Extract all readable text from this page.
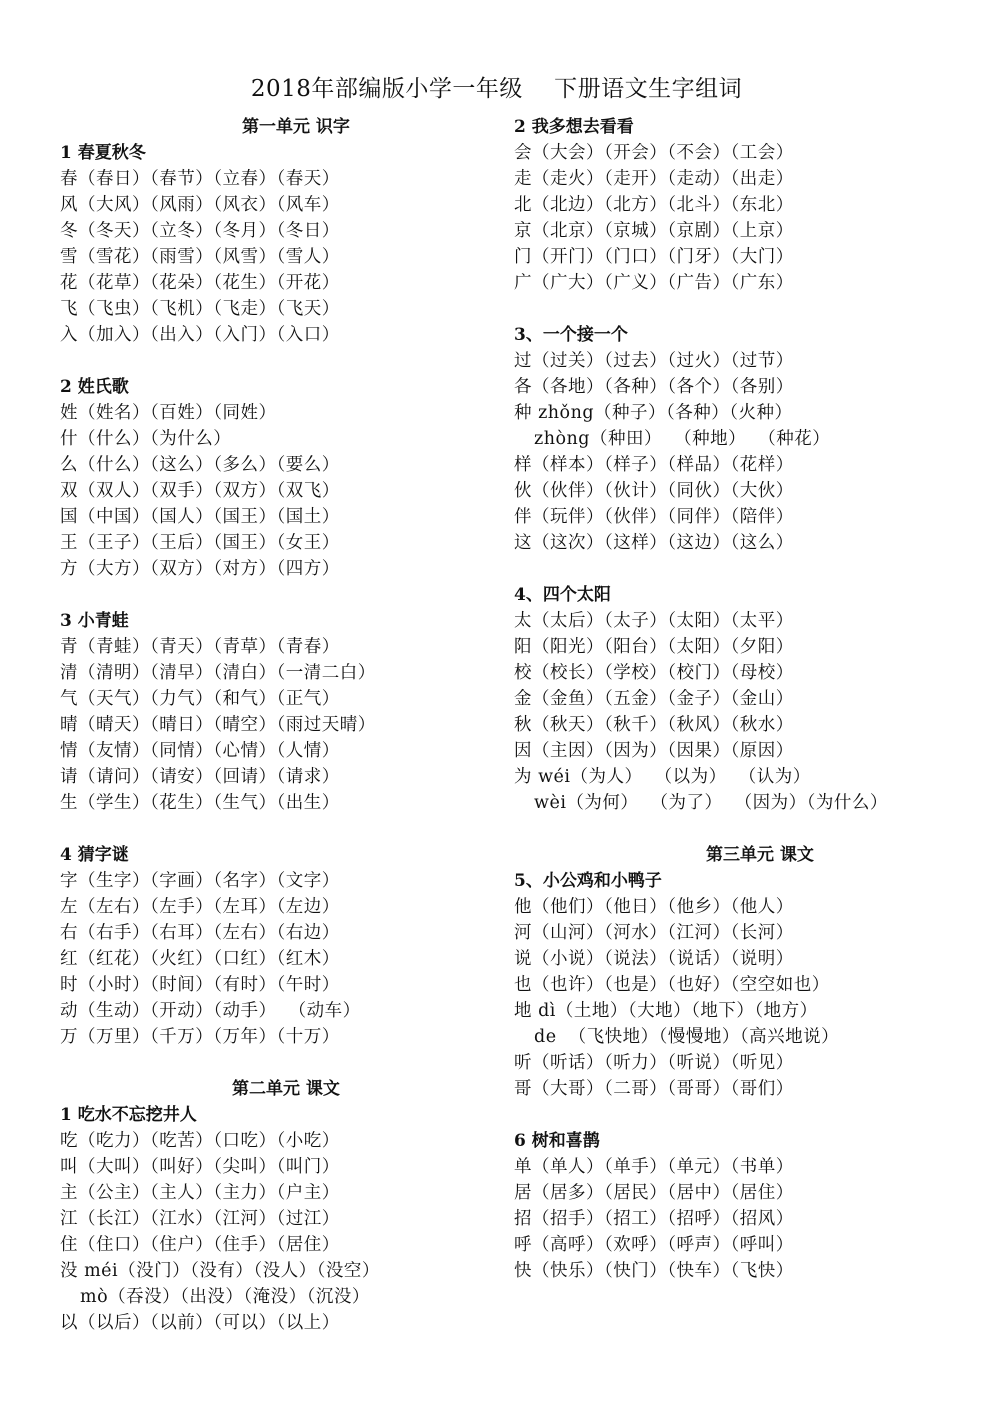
2018年部编版小学一年级    下册语文生字组词
第一单元 识字
1 春夏秋冬
春（春日）（春节）（立春）（春天）
风（大风）（风雨）（风衣）（风车）
冬（冬天）（立冬）（冬月）（冬日）
雪（雪花）（雨雪）（风雪）（雪人）
花（花草）（花朵）（花生）（开花）
飞（飞虫）（飞机）（飞走）（飞天）
入（加入）（出入）（入门）（入口）
2 姓氏歌
姓（姓名）（百姓）（同姓）
什（什么）（为什么）
么（什么）（这么）（多么）（要么）
双（双人）（双手）（双方）（双飞）
国（中国）（国人）（国王）（国土）
王（王子）（王后）（国王）（女王）
方（大方）（双方）（对方）（四方）
3 小青蛙
青（青蛙）（青天）（青草）（青春）
清（清明）（清早）（清白）（一清二白）
气（天气）（力气）（和气）（正气）
晴（晴天）（晴日）（晴空）（雨过天晴）
情（友情）（同情）（心情）（人情）
请（请问）（请安）（回请）（请求）
生（学生）（花生）（生气）（出生）
4 猜字谜
字（生字）（字画）（名字）（文字）
左（左右）（左手）（左耳）（左边）
右（右手）（右耳）（左右）（右边）
红（红花）（火红）（口红）（红木）
时（小时）（时间）（有时）（午时）
动（生动）（开动）（动手）  （动车）
万（万里）（千万）（万年）（十万）
第二单元 课文
1 吃水不忘挖井人
吃（吃力）（吃苦）（口吃）（小吃）
叫（大叫）（叫好）（尖叫）（叫门）
主（公主）（主人）（主力）（户主）
江（长江）（江水）（江河）（过江）
住（住口）（住户）（住手）（居住）
没 méi（没门）（没有）（没人）（没空）
mò（吞没）（出没）（淹没）（沉没）
以（以后）（以前）（可以）（以上）
2 我多想去看看
会（大会）（开会）（不会）（工会）
走（走火）（走开）（走动）（出走）
北（北边）（北方）（北斗）（东北）
京（北京）（京城）（京剧）（上京）
门（开门）（门口）（门牙）（大门）
广（广大）（广义）（广告）（广东）
3、一个接一个
过（过关）（过去）（过火）（过节）
各（各地）（各种）（各个）（各别）
种 zhǒng（种子）（各种）（火种）
zhòng（种田）  （种地）  （种花）
样（样本）（样子）（样品）（花样）
伙（伙伴）（伙计）（同伙）（大伙）
伴（玩伴）（伙伴）（同伴）（陪伴）
这（这次）（这样）（这边）（这么）
4、四个太阳
太（太后）（太子）（太阳）（太平）
阳（阳光）（阳台）（太阳）（夕阳）
校（校长）（学校）（校门）（母校）
金（金鱼）（五金）（金子）（金山）
秋（秋天）（秋千）（秋风）（秋水）
因（主因）（因为）（因果）（原因）
为 wéi（为人）  （以为）  （认为）
wèi（为何）  （为了）  （因为）（为什么）
第三单元 课文
5、小公鸡和小鸭子
他（他们）（他日）（他乡）（他人）
河（山河）（河水）（江河）（长河）
说（小说）（说法）（说话）（说明）
也（也许）（也是）（也好）（空空如也）
地 dì（土地）（大地）（地下）（地方）
de  （飞快地）（慢慢地）（高兴地说）
听（听话）（听力）（听说）（听见）
哥（大哥）（二哥）（哥哥）（哥们）
6 树和喜鹊
单（单人）（单手）（单元）（书单）
居（居多）（居民）（居中）（居住）
招（招手）（招工）（招呼）（招风）
呼（高呼）（欢呼）（呼声）（呼叫）
快（快乐）（快门）（快车）（飞快）
